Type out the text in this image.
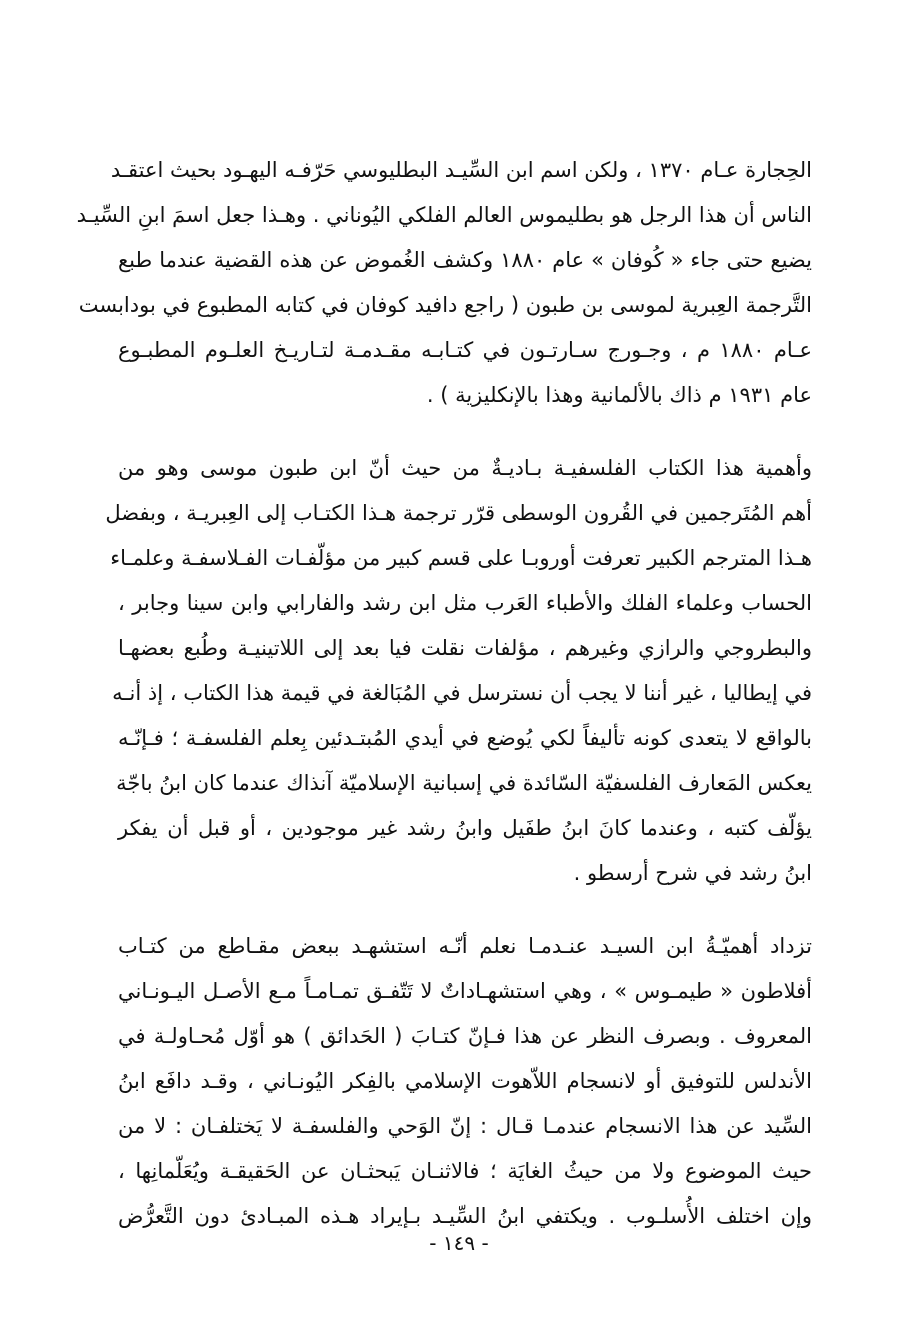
الحِجارة عـام ١٣٧٠ ، ولكن اسم ابن السِّيـد البطليوسي حَرّفـه اليهـود بحيث اعتقـد
الناس أن هذا الرجل هو بطليموس العالم الفلكي اليُوناني . وهـذا جعل اسمَ ابنِ السِّيـد
يضيع حتى جاء « كُوفان » عام ١٨٨٠ وكشف الغُموض عن هذه القضية عندما طبع
التَّرجمة العِبرية لموسى بن طبون ( راجع دافيد كوفان في كتابه المطبوع في بودابست
عـام ١٨٨٠ م ، وجـورج سـارتـون في كتـابـه مقـدمـة لتـاريـخ العلـوم المطبـوع
عام ١٩٣١ م ذاك بالألمانية وهذا بالإنكليزية ) .

وأهمية هذا الكتاب الفلسفيـة بـاديـةٌ من حيث أنّ ابن طبون موسى وهو من
أهم المُتَرجمين في القُرون الوسطى قرّر ترجمة هـذا الكتـاب إلى العِبريـة ، وبفضل
هـذا المترجم الكبير تعرفت أوروبـا على قسم كبير من مؤلّفـات الفـلاسفـة وعلمـاء
الحساب وعلماء الفلك والأطباء العَرب مثل ابن رشد والفارابي وابن سينا وجابر ،
والبطروجي والرازي وغيرهم ، مؤلفات نقلت فيا بعد إلى اللاتينيـة وطُبع بعضهـا
في إيطاليا ، غير أننا لا يجب أن نسترسل في المُبَالغة في قيمة هذا الكتاب ، إذ أنـه
بالواقع لا يتعدى كونه تأليفاً لكي يُوضع في أيدي المُبتـدئين بِعلم الفلسفـة ؛ فـإنّـه
يعكس المَعارف الفلسفيّة السّائدة في إسبانية الإسلاميّة آنذاك عندما كان ابنُ باجّة
يؤلّف كتبه ، وعندما كانَ ابنُ طفَيل وابنُ رشد غير موجودين ، أو قبل أن يفكر
ابنُ رشد في شرح أرسطو .

تزداد أهميّـةُ ابن السيـد عنـدمـا نعلم أنّـه استشهـد ببعض مقـاطع من كتـاب
أفلاطون « طيمـوس » ، وهي استشهـاداتٌ لا تَتّفـق تمـامـاً مـع الأصـل اليـونـاني
المعروف . وبصرف النظر عن هذا فـإنّ كتـابَ ( الحَدائق ) هو أوّل مُحـاولـة في
الأندلس للتوفيق أو لانسجام اللاّهوت الإسلامي بالفِكر اليُونـاني ، وقـد دافَع ابنُ
السِّيد عن هذا الانسجام عندمـا قـال : إنّ الوَحي والفلسفـة لا يَختلفـان : لا من
حيث الموضوع ولا من حيثُ الغايَة ؛ فالاثنـان يَبحثـان عن الحَقيقـة ويُعَلّمانِها ،
وإن اختلف الأُسلـوب . ويكتفي ابنُ السِّيـد بـإيراد هـذه المبـادئ دون التَّعرُّض

- ١٤٩ -
